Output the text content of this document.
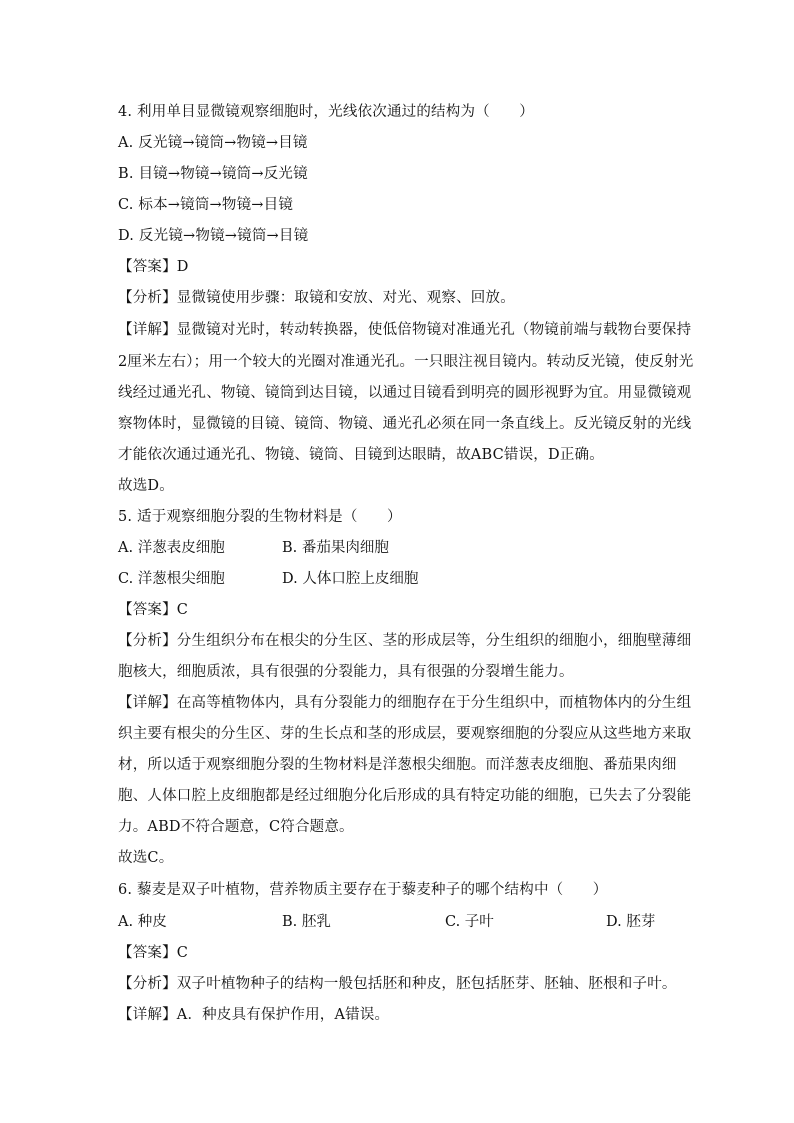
4. 利用单目显微镜观察细胞时，光线依次通过的结构为（　　）
A. 反光镜→镜筒→物镜→目镜
B. 目镜→物镜→镜筒→反光镜
C. 标本→镜筒→物镜→目镜
D. 反光镜→物镜→镜筒→目镜
【答案】D
【分析】显微镜使用步骤：取镜和安放、对光、观察、回放。
【详解】显微镜对光时，转动转换器，使低倍物镜对准通光孔（物镜前端与载物台要保持
2厘米左右）；用一个较大的光圈对准通光孔。一只眼注视目镜内。转动反光镜，使反射光
线经过通光孔、物镜、镜筒到达目镜，以通过目镜看到明亮的圆形视野为宜。用显微镜观
察物体时，显微镜的目镜、镜筒、物镜、通光孔必须在同一条直线上。反光镜反射的光线
才能依次通过通光孔、物镜、镜筒、目镜到达眼睛，故ABC错误，D正确。
故选D。
5. 适于观察细胞分裂的生物材料是（　　）
A. 洋葱表皮细胞	B. 番茄果肉细胞
C. 洋葱根尖细胞	D. 人体口腔上皮细胞
【答案】C
【分析】分生组织分布在根尖的分生区、茎的形成层等，分生组织的细胞小，细胞壁薄细
胞核大，细胞质浓，具有很强的分裂能力，具有很强的分裂增生能力。
【详解】在高等植物体内，具有分裂能力的细胞存在于分生组织中，而植物体内的分生组
织主要有根尖的分生区、芽的生长点和茎的形成层，要观察细胞的分裂应从这些地方来取
材，所以适于观察细胞分裂的生物材料是洋葱根尖细胞。而洋葱表皮细胞、番茄果肉细
胞、人体口腔上皮细胞都是经过细胞分化后形成的具有特定功能的细胞，已失去了分裂能
力。ABD不符合题意，C符合题意。
故选C。
6. 藜麦是双子叶植物，营养物质主要存在于藜麦种子的哪个结构中（　　）
A. 种皮	B. 胚乳	C. 子叶	D. 胚芽
【答案】C
【分析】双子叶植物种子的结构一般包括胚和种皮，胚包括胚芽、胚轴、胚根和子叶。
【详解】A．种皮具有保护作用，A错误。
